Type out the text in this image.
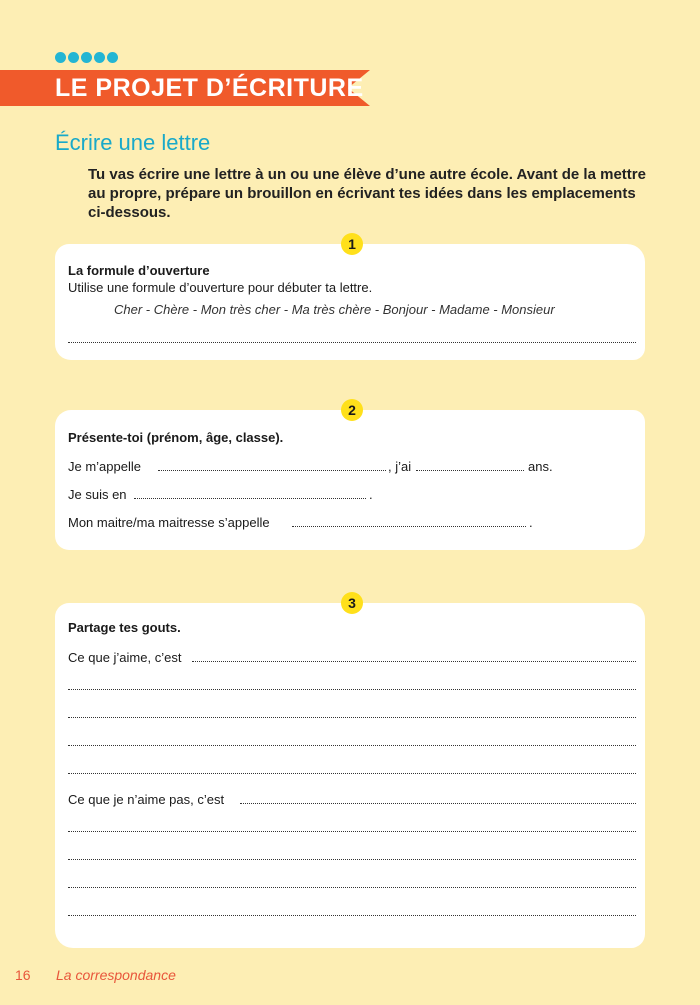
LE PROJET D’ÉCRITURE
Écrire une lettre
Tu vas écrire une lettre à un ou une élève d’une autre école. Avant de la mettre au propre, prépare un brouillon en écrivant tes idées dans les emplacements ci-dessous.
1
La formule d’ouverture
Utilise une formule d’ouverture pour débuter ta lettre.
Cher - Chère - Mon très cher - Ma très chère - Bonjour - Madame - Monsieur
2
Présente-toi (prénom, âge, classe).
Je m’appelle	, j’ai	ans.
Je suis en	.
Mon maitre/ma maitresse s’appelle	.
3
Partage tes gouts.
Ce que j’aime, c’est
Ce que je n’aime pas, c’est
16 La correspondance
